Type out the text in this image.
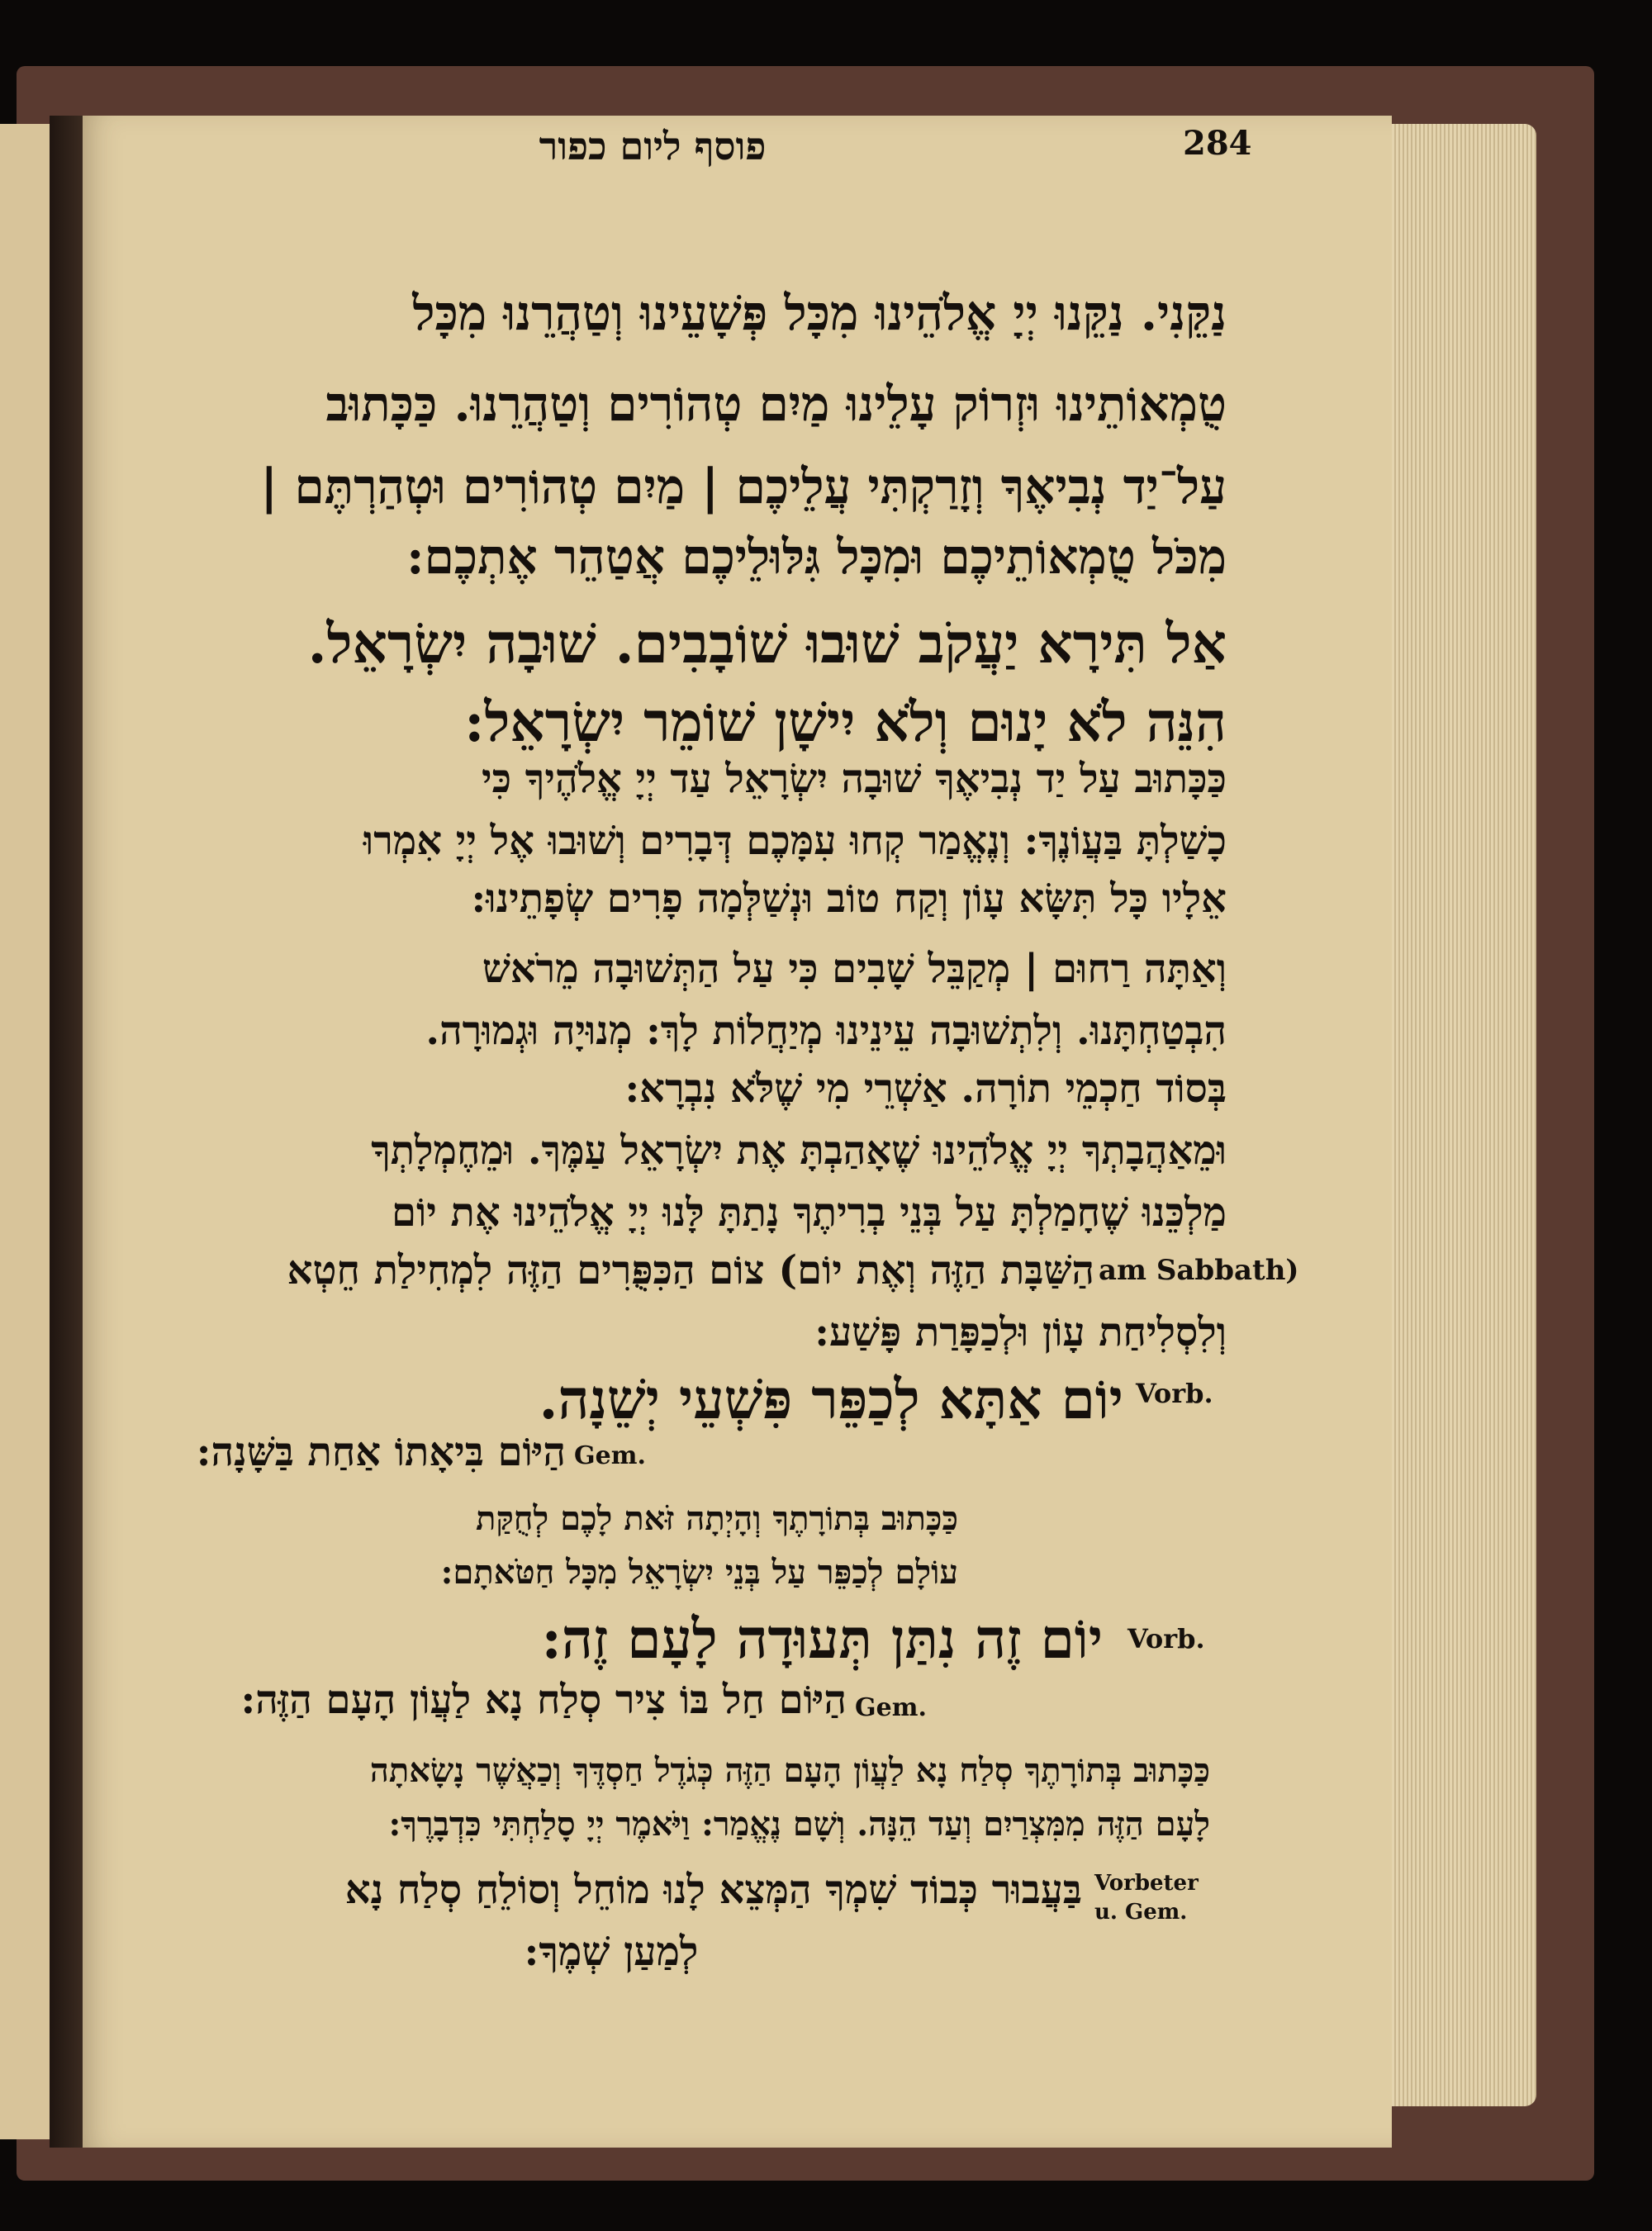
פוסף ליום כפור	284
נַקֵּנִי. נַקֵּנוּ יְיָ אֱלֹהֵינוּ מִכָּל פְּשָׁעֵינוּ וְטַהֲרֵנוּ מִכָּל
טֻמְאוֹתֵינוּ וּזְרוֹק עָלֵינוּ מַיִם טְהוֹרִים וְטַהֲרֵנוּ. כַּכָּתוּב
עַל־יַד נְבִיאֶךָ וְזָרַקְתִּי עֲלֵיכֶם | מַיִם טְהוֹרִים וּטְהַרְתֶּם |
מִכֹּל טֻמְאוֹתֵיכֶם וּמִכָּל גִּלּוּלֵיכֶם אֲטַהֵר אֶתְכֶם:
אַל תִּירָא יַעֲקֹב שׁוּבוּ שׁוֹבָבִים. שׁוּבָה יִשְׂרָאֵל.
הִנֵּה לֹא יָנוּם וְלֹא יִישָׁן שׁוֹמֵר יִשְׂרָאֵל:
כַּכָּתוּב עַל יַד נְבִיאֶךָ שׁוּבָה יִשְׂרָאֵל עַד יְיָ אֱלֹהֶיךָ כִּי
כָשַׁלְתָּ בַּעֲוֹנֶךָ: וְנֶאֱמַר קְחוּ עִמָּכֶם דְּבָרִים וְשׁוּבוּ אֶל יְיָ אִמְרוּ
אֵלָיו כָּל תִּשָּׂא עָוֹן וְקַח טוֹב וּנְשַׁלְּמָה פָרִים שְׂפָתֵינוּ:
וְאַתָּה רַחוּם | מְקַבֵּל שָׁבִים כִּי עַל הַתְּשׁוּבָה מֵרֹאשׁ
הִבְטַחְתָּנוּ. וְלִתְשׁוּבָה עֵינֵינוּ מְיַחֲלוֹת לָךְ: מְנוּיָה וּגְמוּרָה.
בְּסוֹד חַכְמֵי תוֹרָה. אַשְׁרֵי מִי שֶׁלֹּא נִבְרָא:
וּמֵאַהֲבָתְךָ יְיָ אֱלֹהֵינוּ שֶׁאָהַבְתָּ אֶת יִשְׂרָאֵל עַמֶּךָ. וּמֵחֶמְלָתְךָ
מַלְכֵּנוּ שֶׁחָמַלְתָּ עַל בְּנֵי בְרִיתֶךָ נָתַתָּ לָּנוּ יְיָ אֱלֹהֵינוּ אֶת יוֹם
הַשַּׁבָּת הַזֶּה וְאֶת יוֹם) צוֹם הַכִּפֻּרִים הַזֶּה לִמְחִילַת חֵטְא am Sabbath)
וְלִסְלִיחַת עָוֹן וּלְכַפָּרַת פָּשַׁע:
יוֹם אַתָּא לְכַפֵּר פִּשְׁעֵי יְשֵׁנָה. Vorb.
הַיּוֹם בִּיאָתוֹ אַחַת בַּשָּׁנָה: Gem.
כַּכָּתוּב בְּתוֹרָתֶךָ וְהָיְתָה זֹּאת לָכֶם לְחֻקַּת
עוֹלָם לְכַפֵּר עַל בְּנֵי יִשְׂרָאֵל מִכָּל חַטֹּאתָם:
יוֹם זֶה נִתַּן תְּעוּדָה לָעָם זֶה: Vorb.
הַיּוֹם חַל בּוֹ צִיר סְלַח נָא לַעֲוֹן הָעָם הַזֶּה: Gem.
כַּכָּתוּב בְּתוֹרָתֶךָ סְלַח נָא לַעֲוֹן הָעָם הַזֶּה כְּגֹדֶל חַסְדֶּךָ וְכַאֲשֶׁר נָשָׂאתָה
לָעָם הַזֶּה מִמִּצְרַיִם וְעַד הֵנָּה. וְשָׁם נֶאֱמַר: וַיֹּאמֶר יְיָ סָלַחְתִּי כִּדְבָרֶךָ:
בַּעֲבוּר כְּבוֹד שִׁמְךָ הַמְּצֵא לָנוּ מוֹחֵל וְסוֹלֵחַ סְלַח נָא Vorbeter
u. Gem.
לְמַעַן שְׁמֶךָ:
